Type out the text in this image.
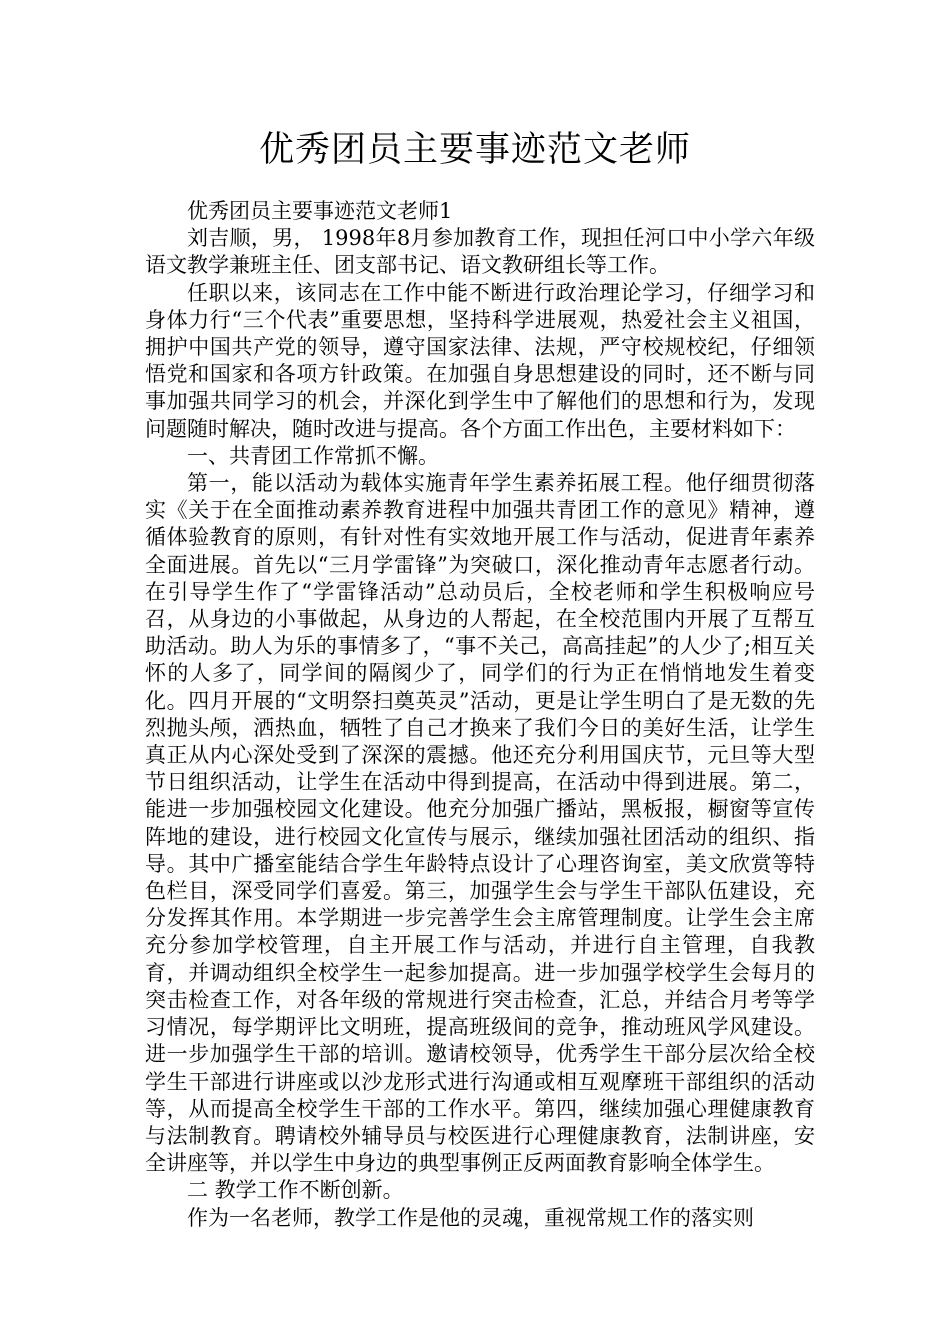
优秀团员主要事迹范文老师

优秀团员主要事迹范文老师1

刘吉顺，男， 1998年8月参加教育工作，现担任河口中小学六年级语文教学兼班主任、团支部书记、语文教研组长等工作。

任职以来，该同志在工作中能不断进行政治理论学习，仔细学习和身体力行“三个代表”重要思想，坚持科学进展观，热爱社会主义祖国，拥护中国共产党的领导，遵守国家法律、法规，严守校规校纪，仔细领悟党和国家和各项方针政策。在加强自身思想建设的同时，还不断与同事加强共同学习的机会，并深化到学生中了解他们的思想和行为，发现问题随时解决，随时改进与提高。各个方面工作出色，主要材料如下：

一、共青团工作常抓不懈。

第一，能以活动为载体实施青年学生素养拓展工程。他仔细贯彻落实《关于在全面推动素养教育进程中加强共青团工作的意见》精神，遵循体验教育的原则，有针对性有实效地开展工作与活动，促进青年素养全面进展。首先以“三月学雷锋”为突破口，深化推动青年志愿者行动。在引导学生作了“学雷锋活动”总动员后，全校老师和学生积极响应号召，从身边的小事做起，从身边的人帮起，在全校范围内开展了互帮互助活动。助人为乐的事情多了，“事不关己，高高挂起”的人少了;相互关怀的人多了，同学间的隔阂少了，同学们的行为正在悄悄地发生着变化。四月开展的“文明祭扫奠英灵”活动，更是让学生明白了是无数的先烈抛头颅，洒热血，牺牲了自己才换来了我们今日的美好生活，让学生真正从内心深处受到了深深的震撼。他还充分利用国庆节，元旦等大型节日组织活动，让学生在活动中得到提高，在活动中得到进展。第二，能进一步加强校园文化建设。他充分加强广播站，黑板报，橱窗等宣传阵地的建设，进行校园文化宣传与展示，继续加强社团活动的组织、指导。其中广播室能结合学生年龄特点设计了心理咨询室，美文欣赏等特色栏目，深受同学们喜爱。第三，加强学生会与学生干部队伍建设，充分发挥其作用。本学期进一步完善学生会主席管理制度。让学生会主席充分参加学校管理，自主开展工作与活动，并进行自主管理，自我教育，并调动组织全校学生一起参加提高。进一步加强学校学生会每月的突击检查工作，对各年级的常规进行突击检查，汇总，并结合月考等学习情况，每学期评比文明班，提高班级间的竞争，推动班风学风建设。进一步加强学生干部的培训。邀请校领导，优秀学生干部分层次给全校学生干部进行讲座或以沙龙形式进行沟通或相互观摩班干部组织的活动等，从而提高全校学生干部的工作水平。第四，继续加强心理健康教育与法制教育。聘请校外辅导员与校医进行心理健康教育，法制讲座，安全讲座等，并以学生中身边的典型事例正反两面教育影响全体学生。

二 教学工作不断创新。

作为一名老师，教学工作是他的灵魂，重视常规工作的落实则
